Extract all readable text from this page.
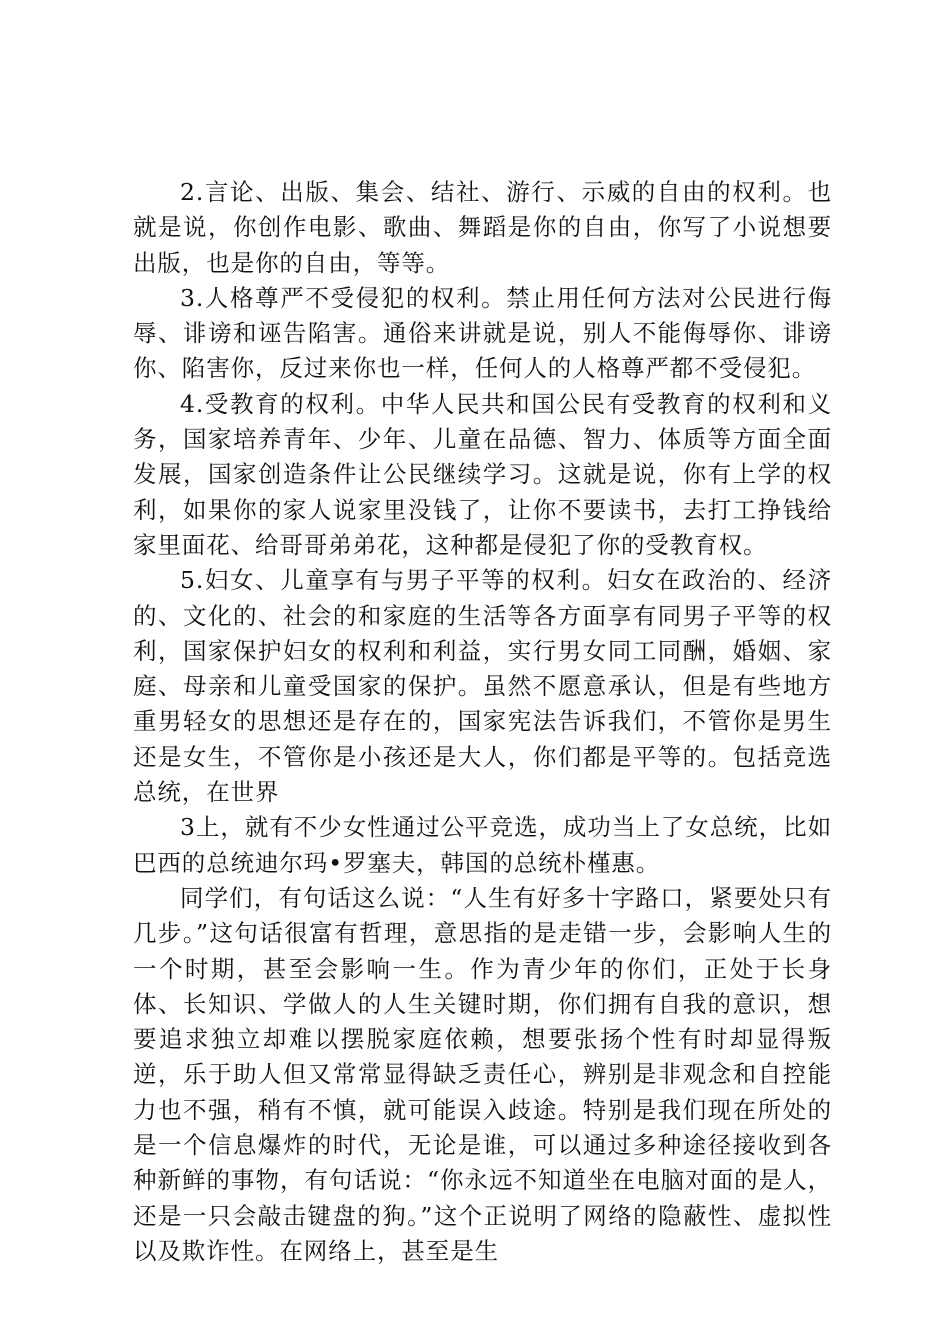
2.言论、出版、集会、结社、游行、示威的自由的权利。也就是说，你创作电影、歌曲、舞蹈是你的自由，你写了小说想要出版，也是你的自由，等等。

3.人格尊严不受侵犯的权利。禁止用任何方法对公民进行侮辱、诽谤和诬告陷害。通俗来讲就是说，别人不能侮辱你、诽谤你、陷害你，反过来你也一样，任何人的人格尊严都不受侵犯。

4.受教育的权利。中华人民共和国公民有受教育的权利和义务，国家培养青年、少年、儿童在品德、智力、体质等方面全面发展，国家创造条件让公民继续学习。这就是说，你有上学的权利，如果你的家人说家里没钱了，让你不要读书，去打工挣钱给家里面花、给哥哥弟弟花，这种都是侵犯了你的受教育权。

5.妇女、儿童享有与男子平等的权利。妇女在政治的、经济的、文化的、社会的和家庭的生活等各方面享有同男子平等的权利，国家保护妇女的权利和利益，实行男女同工同酬，婚姻、家庭、母亲和儿童受国家的保护。虽然不愿意承认，但是有些地方重男轻女的思想还是存在的，国家宪法告诉我们，不管你是男生还是女生，不管你是小孩还是大人，你们都是平等的。包括竞选总统，在世界

3上，就有不少女性通过公平竞选，成功当上了女总统，比如巴西的总统迪尔玛•罗塞夫，韩国的总统朴槿惠。

同学们，有句话这么说：“人生有好多十字路口，紧要处只有几步。”这句话很富有哲理，意思指的是走错一步，会影响人生的一个时期，甚至会影响一生。作为青少年的你们，正处于长身体、长知识、学做人的人生关键时期，你们拥有自我的意识，想要追求独立却难以摆脱家庭依赖，想要张扬个性有时却显得叛逆，乐于助人但又常常显得缺乏责任心，辨别是非观念和自控能力也不强，稍有不慎，就可能误入歧途。特别是我们现在所处的是一个信息爆炸的时代，无论是谁，可以通过多种途径接收到各种新鲜的事物，有句话说：“你永远不知道坐在电脑对面的是人，还是一只会敲击键盘的狗。”这个正说明了网络的隐蔽性、虚拟性以及欺诈性。在网络上，甚至是生
